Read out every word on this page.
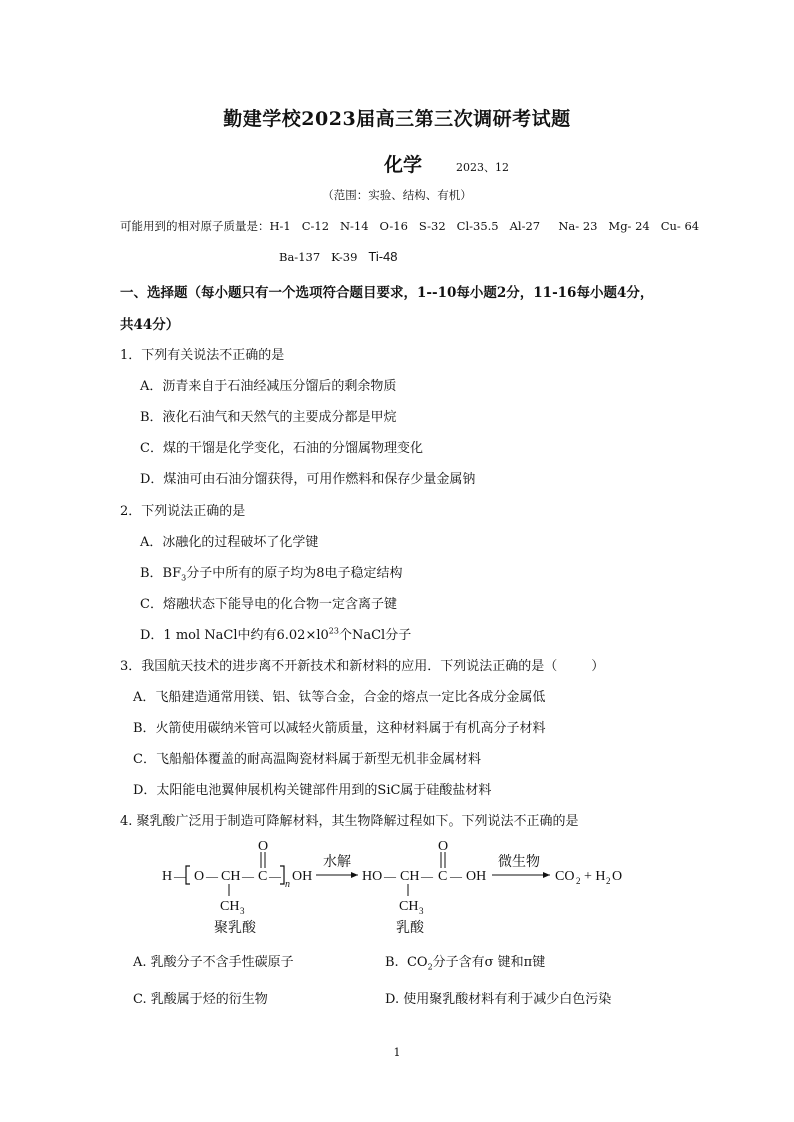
勤建学校2023届高三第三次调研考试题
化学	2023、12
（范围：实验、结构、有机）
可能用到的相对原子质量是：H-1   C-12   N-14   O-16   S-32   Cl-35.5   Al-27     Na- 23   Mg- 24   Cu- 64
Ba-137   K-39   Ti-48
一、选择题（每小题只有一个选项符合题目要求，1--10每小题2分，11-16每小题4分，
共44分）
1．下列有关说法不正确的是
A．沥青来自于石油经减压分馏后的剩余物质
B．液化石油气和天然气的主要成分都是甲烷
C．煤的干馏是化学变化，石油的分馏属物理变化
D．煤油可由石油分馏获得，可用作燃料和保存少量金属钠
2．下列说法正确的是
A．冰融化的过程破坏了化学键
B．$BF_3$分子中所有的原子均为8电子稳定结构
C．熔融状态下能导电的化合物一定含离子键
D．1 mol NaCl中约有$6.02\times l0^{23}$个NaCl分子
3．我国航天技术的进步离不开新技术和新材料的应用．下列说法正确的是（	）
A．飞船建造通常用镁、铝、钛等合金，合金的熔点一定比各成分金属低
B．火箭使用碳纳米管可以减轻火箭质量，这种材料属于有机高分子材料
C．飞船船体覆盖的耐高温陶瓷材料属于新型无机非金属材料
D．太阳能电池翼伸展机构关键部件用到的SiC属于硅酸盐材料
4. 聚乳酸广泛用于制造可降解材料，其生物降解过程如下。下列说法不正确的是
H — O — CH — C
O
—
n
OH
CH 3
聚乳酸
水解
HO — CH — C
O
— OH
CH 3
乳酸
微生物
CO 2 + H 2 O
A. 乳酸分子不含手性碳原子	B.  $CO_2$分子含有σ 键和π键
C. 乳酸属于烃的衍生物	D. 使用聚乳酸材料有利于减少白色污染
1
